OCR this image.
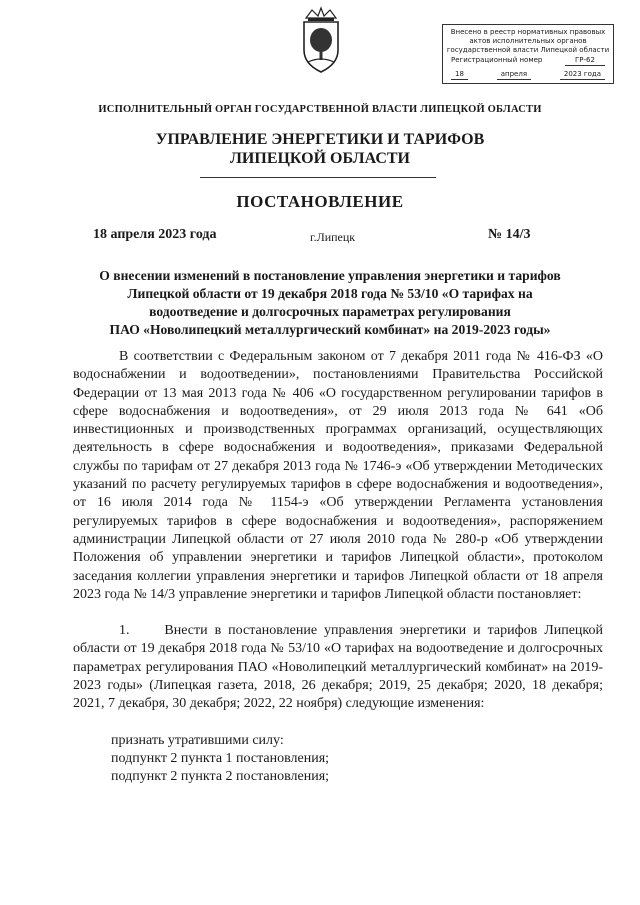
Внесено в реестр нормативных правовых
актов исполнительных органов
государственной власти Липецкой области
Регистрационный номер	ГР-62
18	апреля	2023 года
ИСПОЛНИТЕЛЬНЫЙ ОРГАН ГОСУДАРСТВЕННОЙ ВЛАСТИ ЛИПЕЦКОЙ ОБЛАСТИ
УПРАВЛЕНИЕ ЭНЕРГЕТИКИ И ТАРИФОВ
ЛИПЕЦКОЙ ОБЛАСТИ
ПОСТАНОВЛЕНИЕ
18 апреля 2023 года	г.Липецк	№ 14/3
О внесении изменений в постановление управления энергетики и тарифов
Липецкой области от 19 декабря 2018 года № 53/10 «О тарифах на
водоотведение и долгосрочных параметрах регулирования
ПАО «Новолипецкий металлургический комбинат» на 2019-2023 годы»

В соответствии с Федеральным законом от 7 декабря 2011 года № 416-ФЗ «О водоснабжении и водоотведении», постановлениями Правительства Российской Федерации от 13 мая 2013 года № 406 «О государственном регулировании тарифов в сфере водоснабжения и водоотведения», от 29 июля 2013 года № 641 «Об инвестиционных и производственных программах организаций, осуществляющих деятельность в сфере водоснабжения и водоотведения», приказами Федеральной службы по тарифам от 27 декабря 2013 года № 1746-э «Об утверждении Методических указаний по расчету регулируемых тарифов в сфере водоснабжения и водоотведения», от 16 июля 2014 года № 1154-э «Об утверждении Регламента установления регулируемых тарифов в сфере водоснабжения и водоотведения», распоряжением администрации Липецкой области от 27 июля 2010 года № 280-р «Об утверждении Положения об управлении энергетики и тарифов Липецкой области», протоколом заседания коллегии управления энергетики и тарифов Липецкой области от 18 апреля 2023 года № 14/3 управление энергетики и тарифов Липецкой области постановляет:

1.     Внести в постановление управления энергетики и тарифов Липецкой области от 19 декабря 2018 года № 53/10 «О тарифах на водоотведение и долгосрочных параметрах регулирования ПАО «Новолипецкий металлургический комбинат» на 2019-2023 годы» (Липецкая газета, 2018, 26 декабря; 2019, 25 декабря; 2020, 18 декабря; 2021, 7 декабря, 30 декабря; 2022, 22 ноября) следующие изменения:

признать утратившими силу:
подпункт 2 пункта 1 постановления;
подпункт 2 пункта 2 постановления;
